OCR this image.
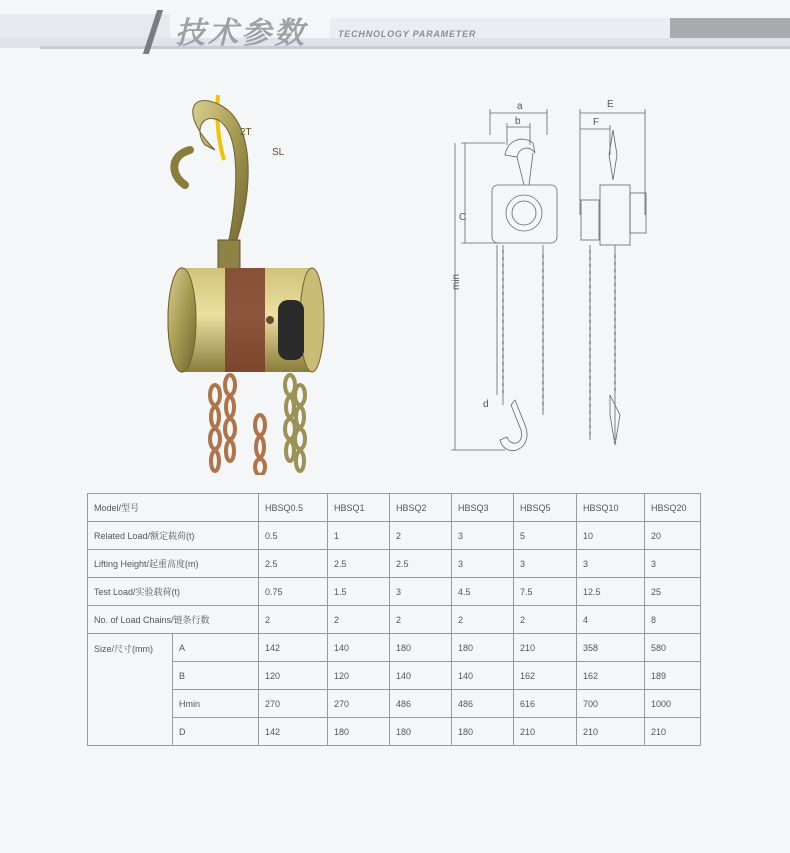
技术参数	TECHNOLOGY PARAMETER
2T
SL
a
b
C
min
d
E
F
Model/型号		HBSQ0.5	HBSQ1	HBSQ2	HBSQ3	HBSQ5	HBSQ10	HBSQ20
Related Load/额定载荷(t)		0.5	1	2	3	5	10	20
Lifting Height/起重高度(m)		2.5	2.5	2.5	3	3	3	3
Test Load/实验载荷(t)		0.75	1.5	3	4.5	7.5	12.5	25
No. of Load Chains/链条行数		2	2	2	2	2	4	8
Size/尺寸(mm)	A	142	140	180	180	210	358	580
	B	120	120	140	140	162	162	189
	Hmin	270	270	486	486	616	700	1000
	D	142	180	180	180	210	210	210
